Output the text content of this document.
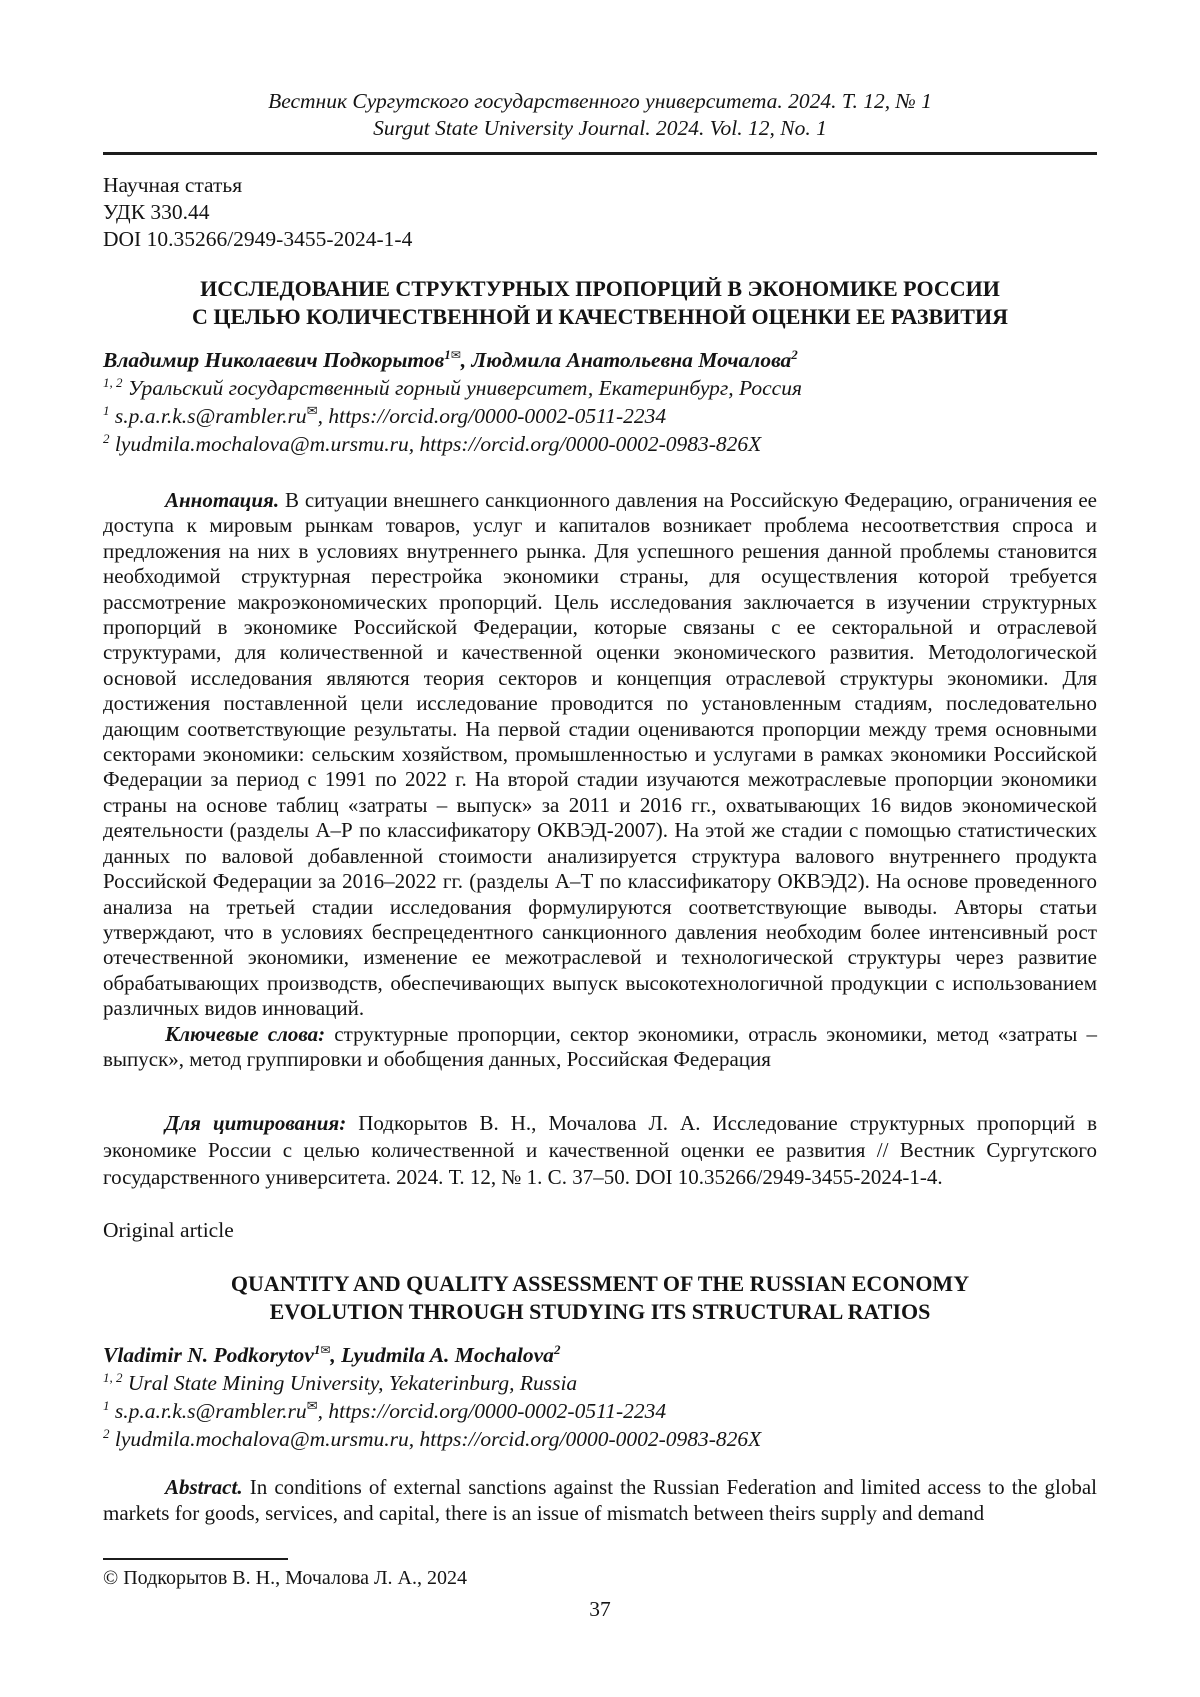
Вестник Сургутского государственного университета. 2024. Т. 12, № 1
Surgut State University Journal. 2024. Vol. 12, No. 1
Научная статья
УДК 330.44
DOI 10.35266/2949-3455-2024-1-4
ИССЛЕДОВАНИЕ СТРУКТУРНЫХ ПРОПОРЦИЙ В ЭКОНОМИКЕ РОССИИ
С ЦЕЛЬЮ КОЛИЧЕСТВЕННОЙ И КАЧЕСТВЕННОЙ ОЦЕНКИ ЕЕ РАЗВИТИЯ
Владимир Николаевич Подкорытов$^{1✉}$, Людмила Анатольевна Мочалова$^2$
$^{1, 2}$ Уральский государственный горный университет, Екатеринбург, Россия
$^1$ s.p.a.r.k.s@rambler.ru✉, https://orcid.org/0000-0002-0511-2234
$^2$ lyudmila.mochalova@m.ursmu.ru, https://orcid.org/0000-0002-0983-826X

Аннотация. В ситуации внешнего санкционного давления на Российскую Федерацию, ограничения ее доступа к мировым рынкам товаров, услуг и капиталов возникает проблема несоответствия спроса и предложения на них в условиях внутреннего рынка. Для успешного решения данной проблемы становится необходимой структурная перестройка экономики страны, для осуществления которой требуется рассмотрение макроэкономических пропорций. Цель исследования заключается в изучении структурных пропорций в экономике Российской Федерации, которые связаны с ее секторальной и отраслевой структурами, для количественной и качественной оценки экономического развития. Методологической основой исследования являются теория секторов и концепция отраслевой структуры экономики. Для достижения поставленной цели исследование проводится по установленным стадиям, последовательно дающим соответствующие результаты. На первой стадии оцениваются пропорции между тремя основными секторами экономики: сельским хозяйством, промышленностью и услугами в рамках экономики Российской Федерации за период с 1991 по 2022 г. На второй стадии изучаются межотраслевые пропорции экономики страны на основе таблиц «затраты – выпуск» за 2011 и 2016 гг., охватывающих 16 видов экономической деятельности (разделы А–Р по классификатору ОКВЭД-2007). На этой же стадии с помощью статистических данных по валовой добавленной стоимости анализируется структура валового внутреннего продукта Российской Федерации за 2016–2022 гг. (разделы А–Т по классификатору ОКВЭД2). На основе проведенного анализа на третьей стадии исследования формулируются соответствующие выводы. Авторы статьи утверждают, что в условиях беспрецедентного санкционного давления необходим более интенсивный рост отечественной экономики, изменение ее межотраслевой и технологической структуры через развитие обрабатывающих производств, обеспечивающих выпуск высокотехнологичной продукции с использованием различных видов инноваций.

Ключевые слова: структурные пропорции, сектор экономики, отрасль экономики, метод «затраты – выпуск», метод группировки и обобщения данных, Российская Федерация

Для цитирования: Подкорытов В. Н., Мочалова Л. А. Исследование структурных пропорций в экономике России с целью количественной и качественной оценки ее развития // Вестник Сургутского государственного университета. 2024. Т. 12, № 1. С. 37–50. DOI 10.35266/2949-3455-2024-1-4.

Original article
QUANTITY AND QUALITY ASSESSMENT OF THE RUSSIAN ECONOMY
EVOLUTION THROUGH STUDYING ITS STRUCTURAL RATIOS
Vladimir N. Podkorytov$^{1✉}$, Lyudmila A. Mochalova$^2$
$^{1, 2}$ Ural State Mining University, Yekaterinburg, Russia
$^1$ s.p.a.r.k.s@rambler.ru✉, https://orcid.org/0000-0002-0511-2234
$^2$ lyudmila.mochalova@m.ursmu.ru, https://orcid.org/0000-0002-0983-826X

Abstract. In conditions of external sanctions against the Russian Federation and limited access to the global markets for goods, services, and capital, there is an issue of mismatch between theirs supply and demand

© Подкорытов В. Н., Мочалова Л. А., 2024
37
